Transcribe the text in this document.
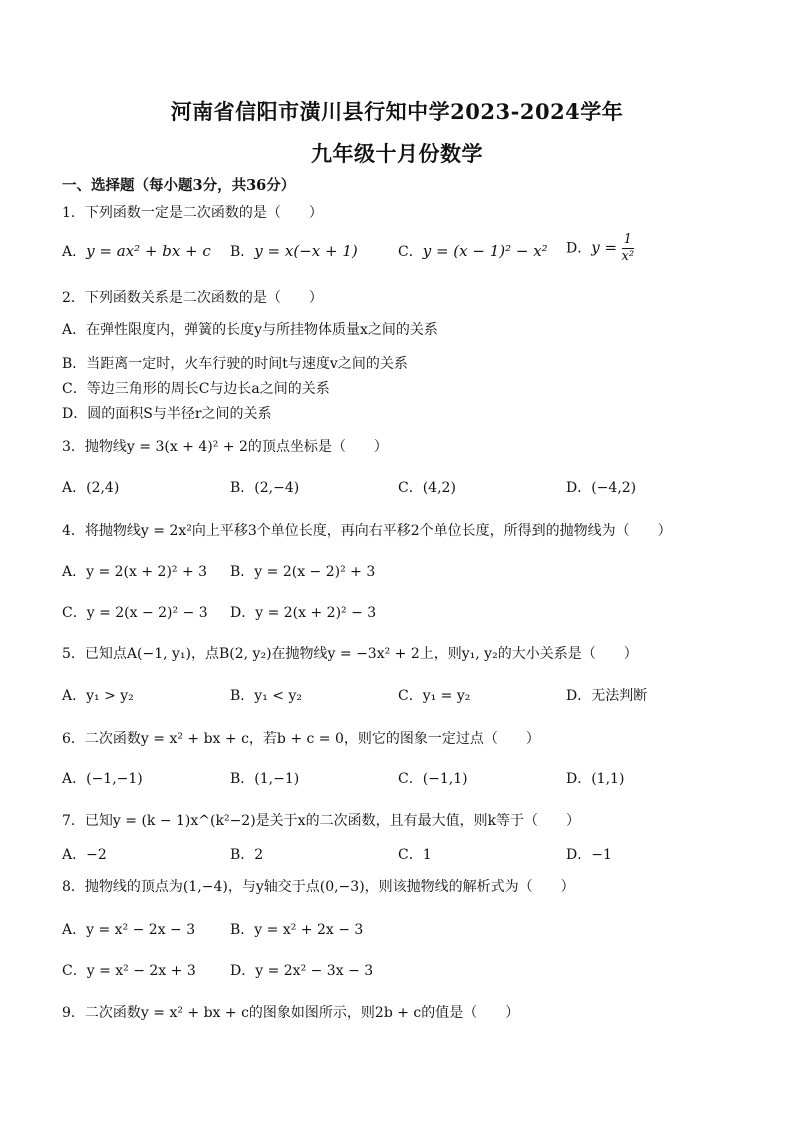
河南省信阳市潢川县行知中学2023-2024学年
九年级十月份数学
一、选择题（每小题3分，共36分）
1．下列函数一定是二次函数的是（　　）
A．y = ax² + bx + c B．y = x(−x + 1)	C．y = (x − 1)² − x² D．$y = \frac{1}{\text{x²}}$
2．下列函数关系是二次函数的是（　　）
A．在弹性限度内，弹簧的长度y与所挂物体质量x之间的关系
B．当距离一定时，火车行驶的时间t与速度v之间的关系
C．等边三角形的周长C与边长a之间的关系
D．圆的面积S与半径r之间的关系
3．抛物线y = 3(x + 4)² + 2的顶点坐标是（　　）
A．(2,4)	B．(2,−4)	C．(4,2)	D．(−4,2)
4．将抛物线y = 2x²向上平移3个单位长度，再向右平移2个单位长度，所得到的抛物线为（　　）
A．y = 2(x + 2)² + 3 B．y = 2(x − 2)² + 3
C．y = 2(x − 2)² − 3 D．y = 2(x + 2)² − 3
5．已知点A(−1, y₁)，点B(2, y₂)在抛物线y = −3x² + 2上，则y₁, y₂的大小关系是（　　）
A．y₁ > y₂	B．y₁ < y₂	C．y₁ = y₂	D．无法判断
6．二次函数y = x² + bx + c，若b + c = 0，则它的图象一定过点（　　）
A．(−1,−1)	B．(1,−1)	C．(−1,1)	D．(1,1)
7．已知y = (k − 1)x^(k²−2)是关于x的二次函数，且有最大值，则k等于（　　）
A．−2	B．2	C．1	D．−1
8．抛物线的顶点为(1,−4)，与y轴交于点(0,−3)，则该抛物线的解析式为（　　）
A．y = x² − 2x − 3 B．y = x² + 2x − 3
C．y = x² − 2x + 3 D．y = 2x² − 3x − 3
9．二次函数y = x² + bx + c的图象如图所示，则2b + c的值是（　　）
